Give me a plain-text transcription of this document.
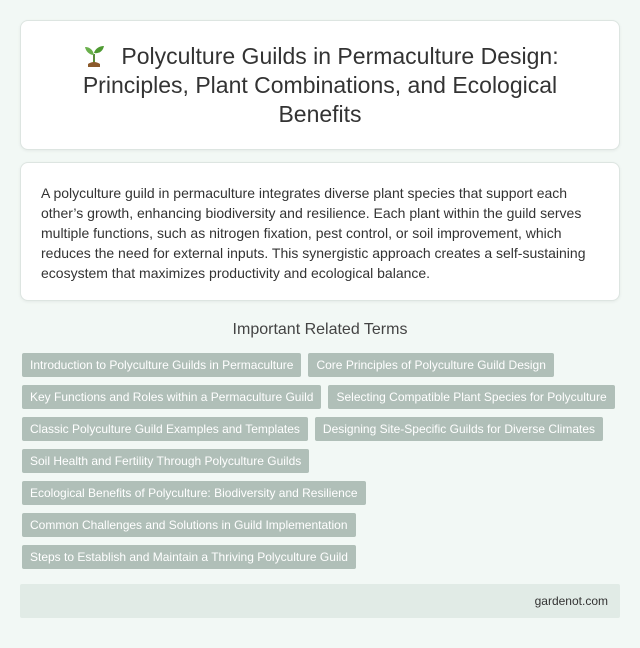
Polyculture Guilds in Permaculture Design: Principles, Plant Combinations, and Ecological Benefits

A polyculture guild in permaculture integrates diverse plant species that support each other’s growth, enhancing biodiversity and resilience. Each plant within the guild serves multiple functions, such as nitrogen fixation, pest control, or soil improvement, which reduces the need for external inputs. This synergistic approach creates a self-sustaining ecosystem that maximizes productivity and ecological balance.

Important Related Terms
Introduction to Polyculture Guilds in Permaculture Core Principles of Polyculture Guild Design
Key Functions and Roles within a Permaculture Guild Selecting Compatible Plant Species for Polyculture
Classic Polyculture Guild Examples and Templates Designing Site-Specific Guilds for Diverse Climates
Soil Health and Fertility Through Polyculture Guilds
Ecological Benefits of Polyculture: Biodiversity and Resilience
Common Challenges and Solutions in Guild Implementation
Steps to Establish and Maintain a Thriving Polyculture Guild
gardenot.com
